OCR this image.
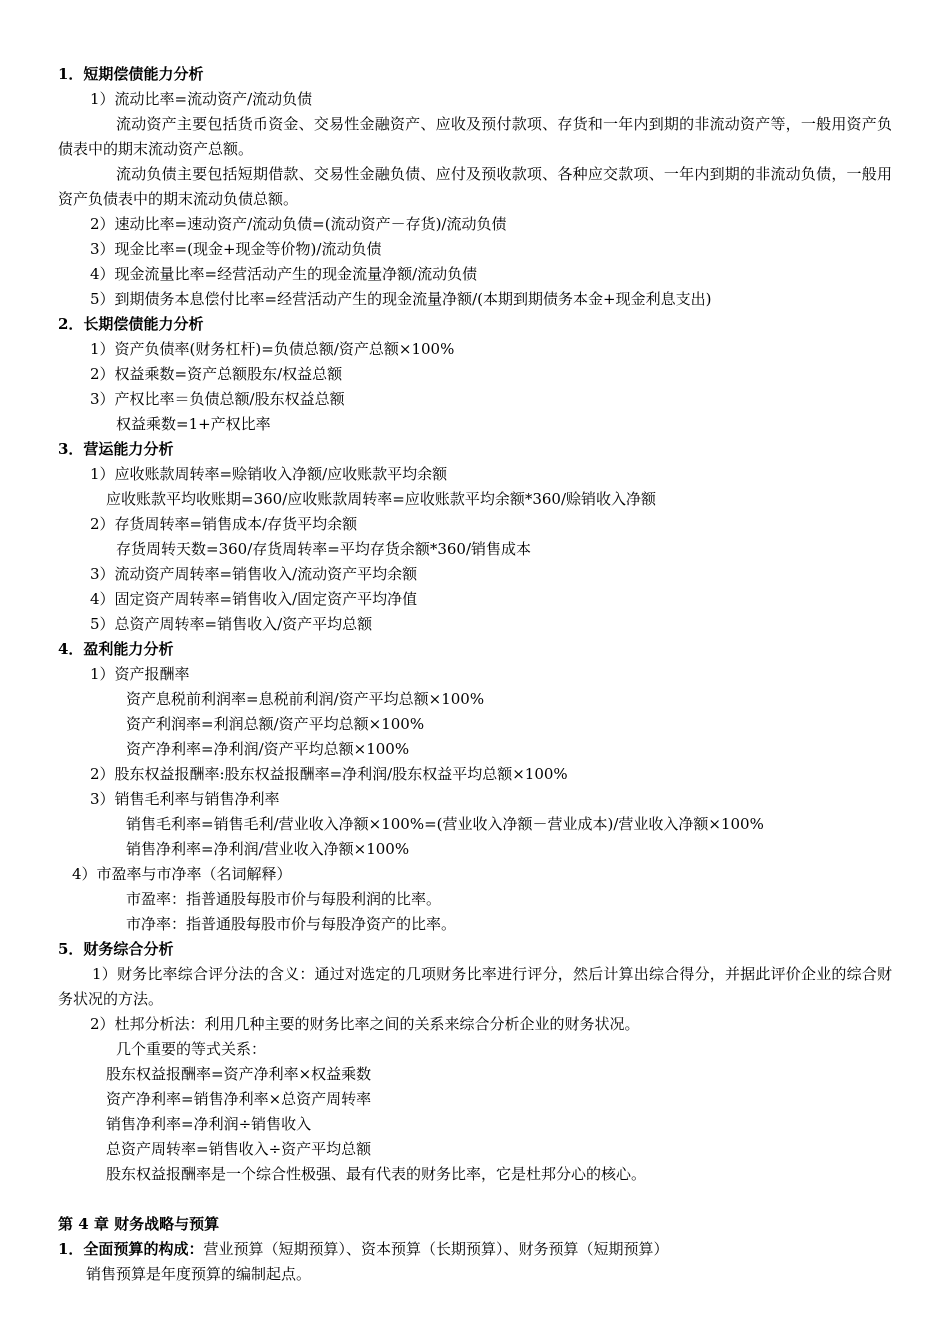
1．短期偿债能力分析
1）流动比率=流动资产/流动负债
流动资产主要包括货币资金、交易性金融资产、应收及预付款项、存货和一年内到期的非流动资产等，一般用资产负债表中的期末流动资产总额。
流动负债主要包括短期借款、交易性金融负债、应付及预收款项、各种应交款项、一年内到期的非流动负债，一般用资产负债表中的期末流动负债总额。
2）速动比率=速动资产/流动负债=(流动资产－存货)/流动负债
3）现金比率=(现金+现金等价物)/流动负债
4）现金流量比率=经营活动产生的现金流量净额/流动负债
5）到期债务本息偿付比率=经营活动产生的现金流量净额/(本期到期债务本金+现金利息支出)
2．长期偿债能力分析
1）资产负债率(财务杠杆)=负债总额/资产总额×100%
2）权益乘数=资产总额股东/权益总额
3）产权比率＝负债总额/股东权益总额
权益乘数=1+产权比率
3．营运能力分析
1）应收账款周转率=赊销收入净额/应收账款平均余额
应收账款平均收账期=360/应收账款周转率=应收账款平均余额*360/赊销收入净额
2）存货周转率=销售成本/存货平均余额
存货周转天数=360/存货周转率=平均存货余额*360/销售成本
3）流动资产周转率=销售收入/流动资产平均余额
4）固定资产周转率=销售收入/固定资产平均净值
5）总资产周转率=销售收入/资产平均总额
4．盈利能力分析
1）资产报酬率
资产息税前利润率=息税前利润/资产平均总额×100%
资产利润率=利润总额/资产平均总额×100%
资产净利率=净利润/资产平均总额×100%
2）股东权益报酬率:股东权益报酬率=净利润/股东权益平均总额×100%
3）销售毛利率与销售净利率
销售毛利率=销售毛利/营业收入净额×100%=(营业收入净额－营业成本)/营业收入净额×100%
销售净利率=净利润/营业收入净额×100%
4）市盈率与市净率（名词解释）
市盈率：指普通股每股市价与每股利润的比率。
市净率：指普通股每股市价与每股净资产的比率。
5．财务综合分析
1）财务比率综合评分法的含义：通过对选定的几项财务比率进行评分，然后计算出综合得分，并据此评价企业的综合财务状况的方法。
2）杜邦分析法：利用几种主要的财务比率之间的关系来综合分析企业的财务状况。
几个重要的等式关系：
股东权益报酬率=资产净利率×权益乘数
资产净利率=销售净利率×总资产周转率
销售净利率=净利润÷销售收入
总资产周转率=销售收入÷资产平均总额
股东权益报酬率是一个综合性极强、最有代表的财务比率，它是杜邦分心的核心。
第 4 章 财务战略与预算
1．全面预算的构成：营业预算（短期预算）、资本预算（长期预算）、财务预算（短期预算）
销售预算是年度预算的编制起点。
